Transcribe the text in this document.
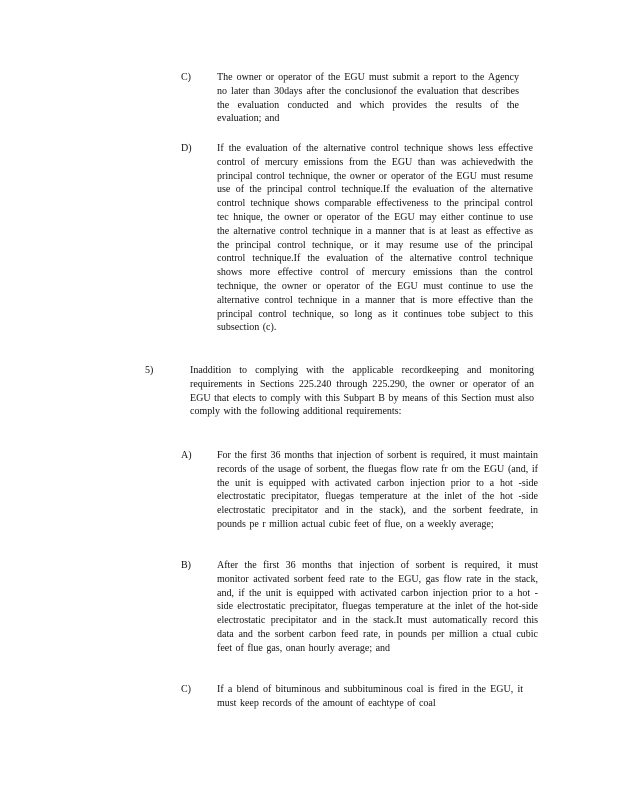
C)	The owner or operator of the EGU must submit a report to the Agency no later than 30days after the conclusionof the evaluation that describes the evaluation conducted and which provides the results of the evaluation; and
D)	If the evaluation of the alternative control technique shows less effective control of mercury emissions from the EGU than was achievedwith the principal control technique, the owner or operator of the EGU must resume use of the principal control technique.If the evaluation of the alternative control technique shows comparable effectiveness to the principal control tec hnique, the owner or operator of the EGU may either continue to use the alternative control technique in a manner that is at least as effective as the principal control technique, or it may resume use of the principal control technique.If the evaluation of the alternative control technique shows more effective control of mercury emissions than the control technique, the owner or operator of the EGU must continue to use the alternative control technique in a manner that is more effective than the principal control technique, so long as it continues tobe subject to this subsection (c).
5)	Inaddition to complying with the applicable recordkeeping and monitoring requirements in Sections 225.240 through 225.290, the owner or operator of an EGU that elects to comply with this Subpart B by means of this Section must also comply with the following additional requirements:
A)	For the first 36 months that injection of sorbent is required, it must maintain records of the usage of sorbent, the fluegas flow rate fr om the EGU (and, if the unit is equipped with activated carbon injection prior to a hot -side electrostatic precipitator, fluegas temperature at the inlet of the hot -side electrostatic precipitator and in the stack), and the sorbent feedrate, in pounds pe r million actual cubic feet of flue, on a weekly average;
B)	After the first 36 months that injection of sorbent is required, it must monitor activated sorbent feed rate to the EGU, gas flow rate in the stack, and, if the unit is equipped with activated carbon injection prior to a hot -side electrostatic precipitator, fluegas temperature at the inlet of the hot-side electrostatic precipitator and in the stack.It must automatically record this data and the sorbent carbon feed rate, in pounds per million a ctual cubic feet of flue gas, onan hourly average; and
C)	If a blend of bituminous and subbituminous coal is fired in the EGU, it must keep records of the amount of eachtype of coal
